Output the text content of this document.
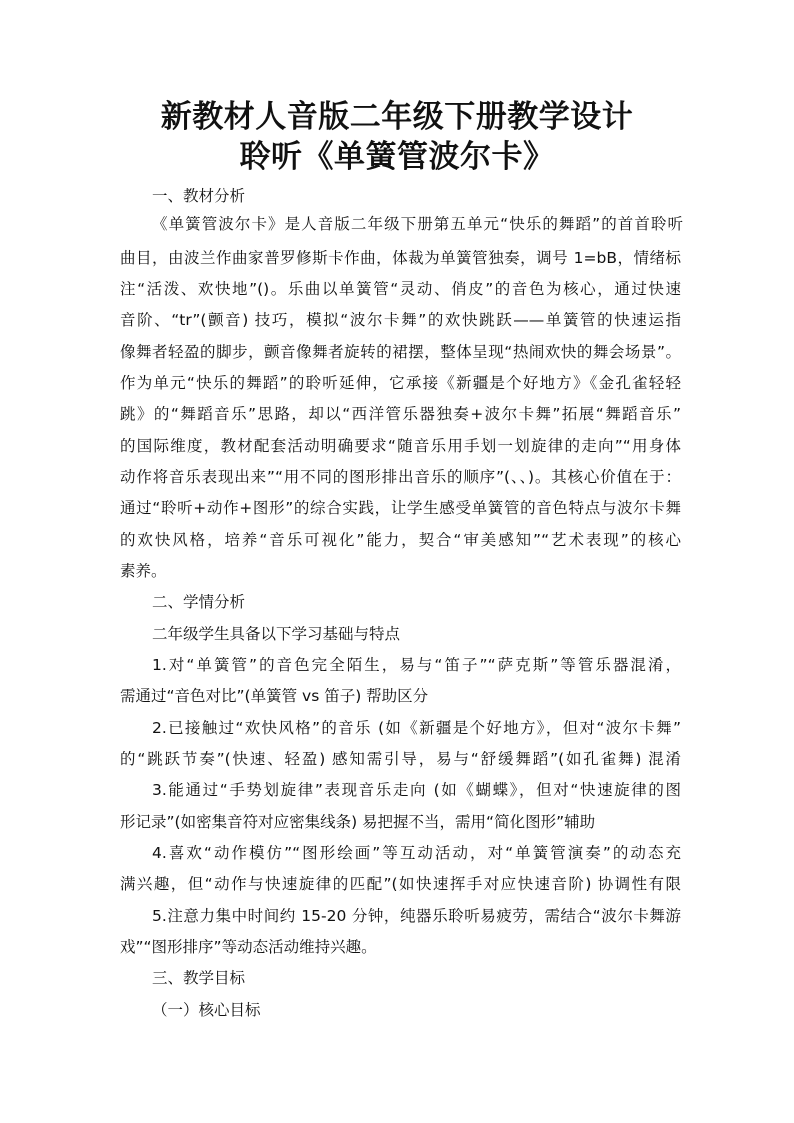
新教材人音版二年级下册教学设计
聆听《单簧管波尔卡》

一、教材分析

《单簧管波尔卡》是人音版二年级下册第五单元“快乐的舞蹈”的首首聆听

曲目，由波兰作曲家普罗修斯卡作曲，体裁为单簧管独奏，调号 1=bB，情绪标

注“活泼、欢快地”()。乐曲以单簧管“灵动、俏皮”的音色为核心，通过快速

音阶、“tr”(颤音) 技巧，模拟“波尔卡舞”的欢快跳跃——单簧管的快速运指

像舞者轻盈的脚步，颤音像舞者旋转的裙摆，整体呈现“热闹欢快的舞会场景”。

作为单元“快乐的舞蹈”的聆听延伸，它承接《新疆是个好地方》《金孔雀轻轻

跳》的“舞蹈音乐”思路，却以“西洋管乐器独奏+波尔卡舞”拓展“舞蹈音乐”

的国际维度，教材配套活动明确要求“随音乐用手划一划旋律的走向”“用身体

动作将音乐表现出来”“用不同的图形排出音乐的顺序”(、、)。其核心价值在于：

通过“聆听+动作+图形”的综合实践，让学生感受单簧管的音色特点与波尔卡舞

的欢快风格，培养“音乐可视化”能力，契合“审美感知”“艺术表现”的核心

素养。

二、学情分析

二年级学生具备以下学习基础与特点

1.对“单簧管”的音色完全陌生，易与“笛子”“萨克斯”等管乐器混淆，

需通过“音色对比”(单簧管 vs 笛子) 帮助区分

2.已接触过“欢快风格”的音乐 (如《新疆是个好地方》，但对“波尔卡舞”

的“跳跃节奏”(快速、轻盈) 感知需引导，易与“舒缓舞蹈”(如孔雀舞) 混淆

3.能通过“手势划旋律”表现音乐走向 (如《蝴蝶》，但对“快速旋律的图

形记录”(如密集音符对应密集线条) 易把握不当，需用“简化图形”辅助

4.喜欢“动作模仿”“图形绘画”等互动活动，对“单簧管演奏”的动态充

满兴趣，但“动作与快速旋律的匹配”(如快速挥手对应快速音阶) 协调性有限

5.注意力集中时间约 15-20 分钟，纯器乐聆听易疲劳，需结合“波尔卡舞游

戏”“图形排序”等动态活动维持兴趣。

三、教学目标

（一）核心目标
